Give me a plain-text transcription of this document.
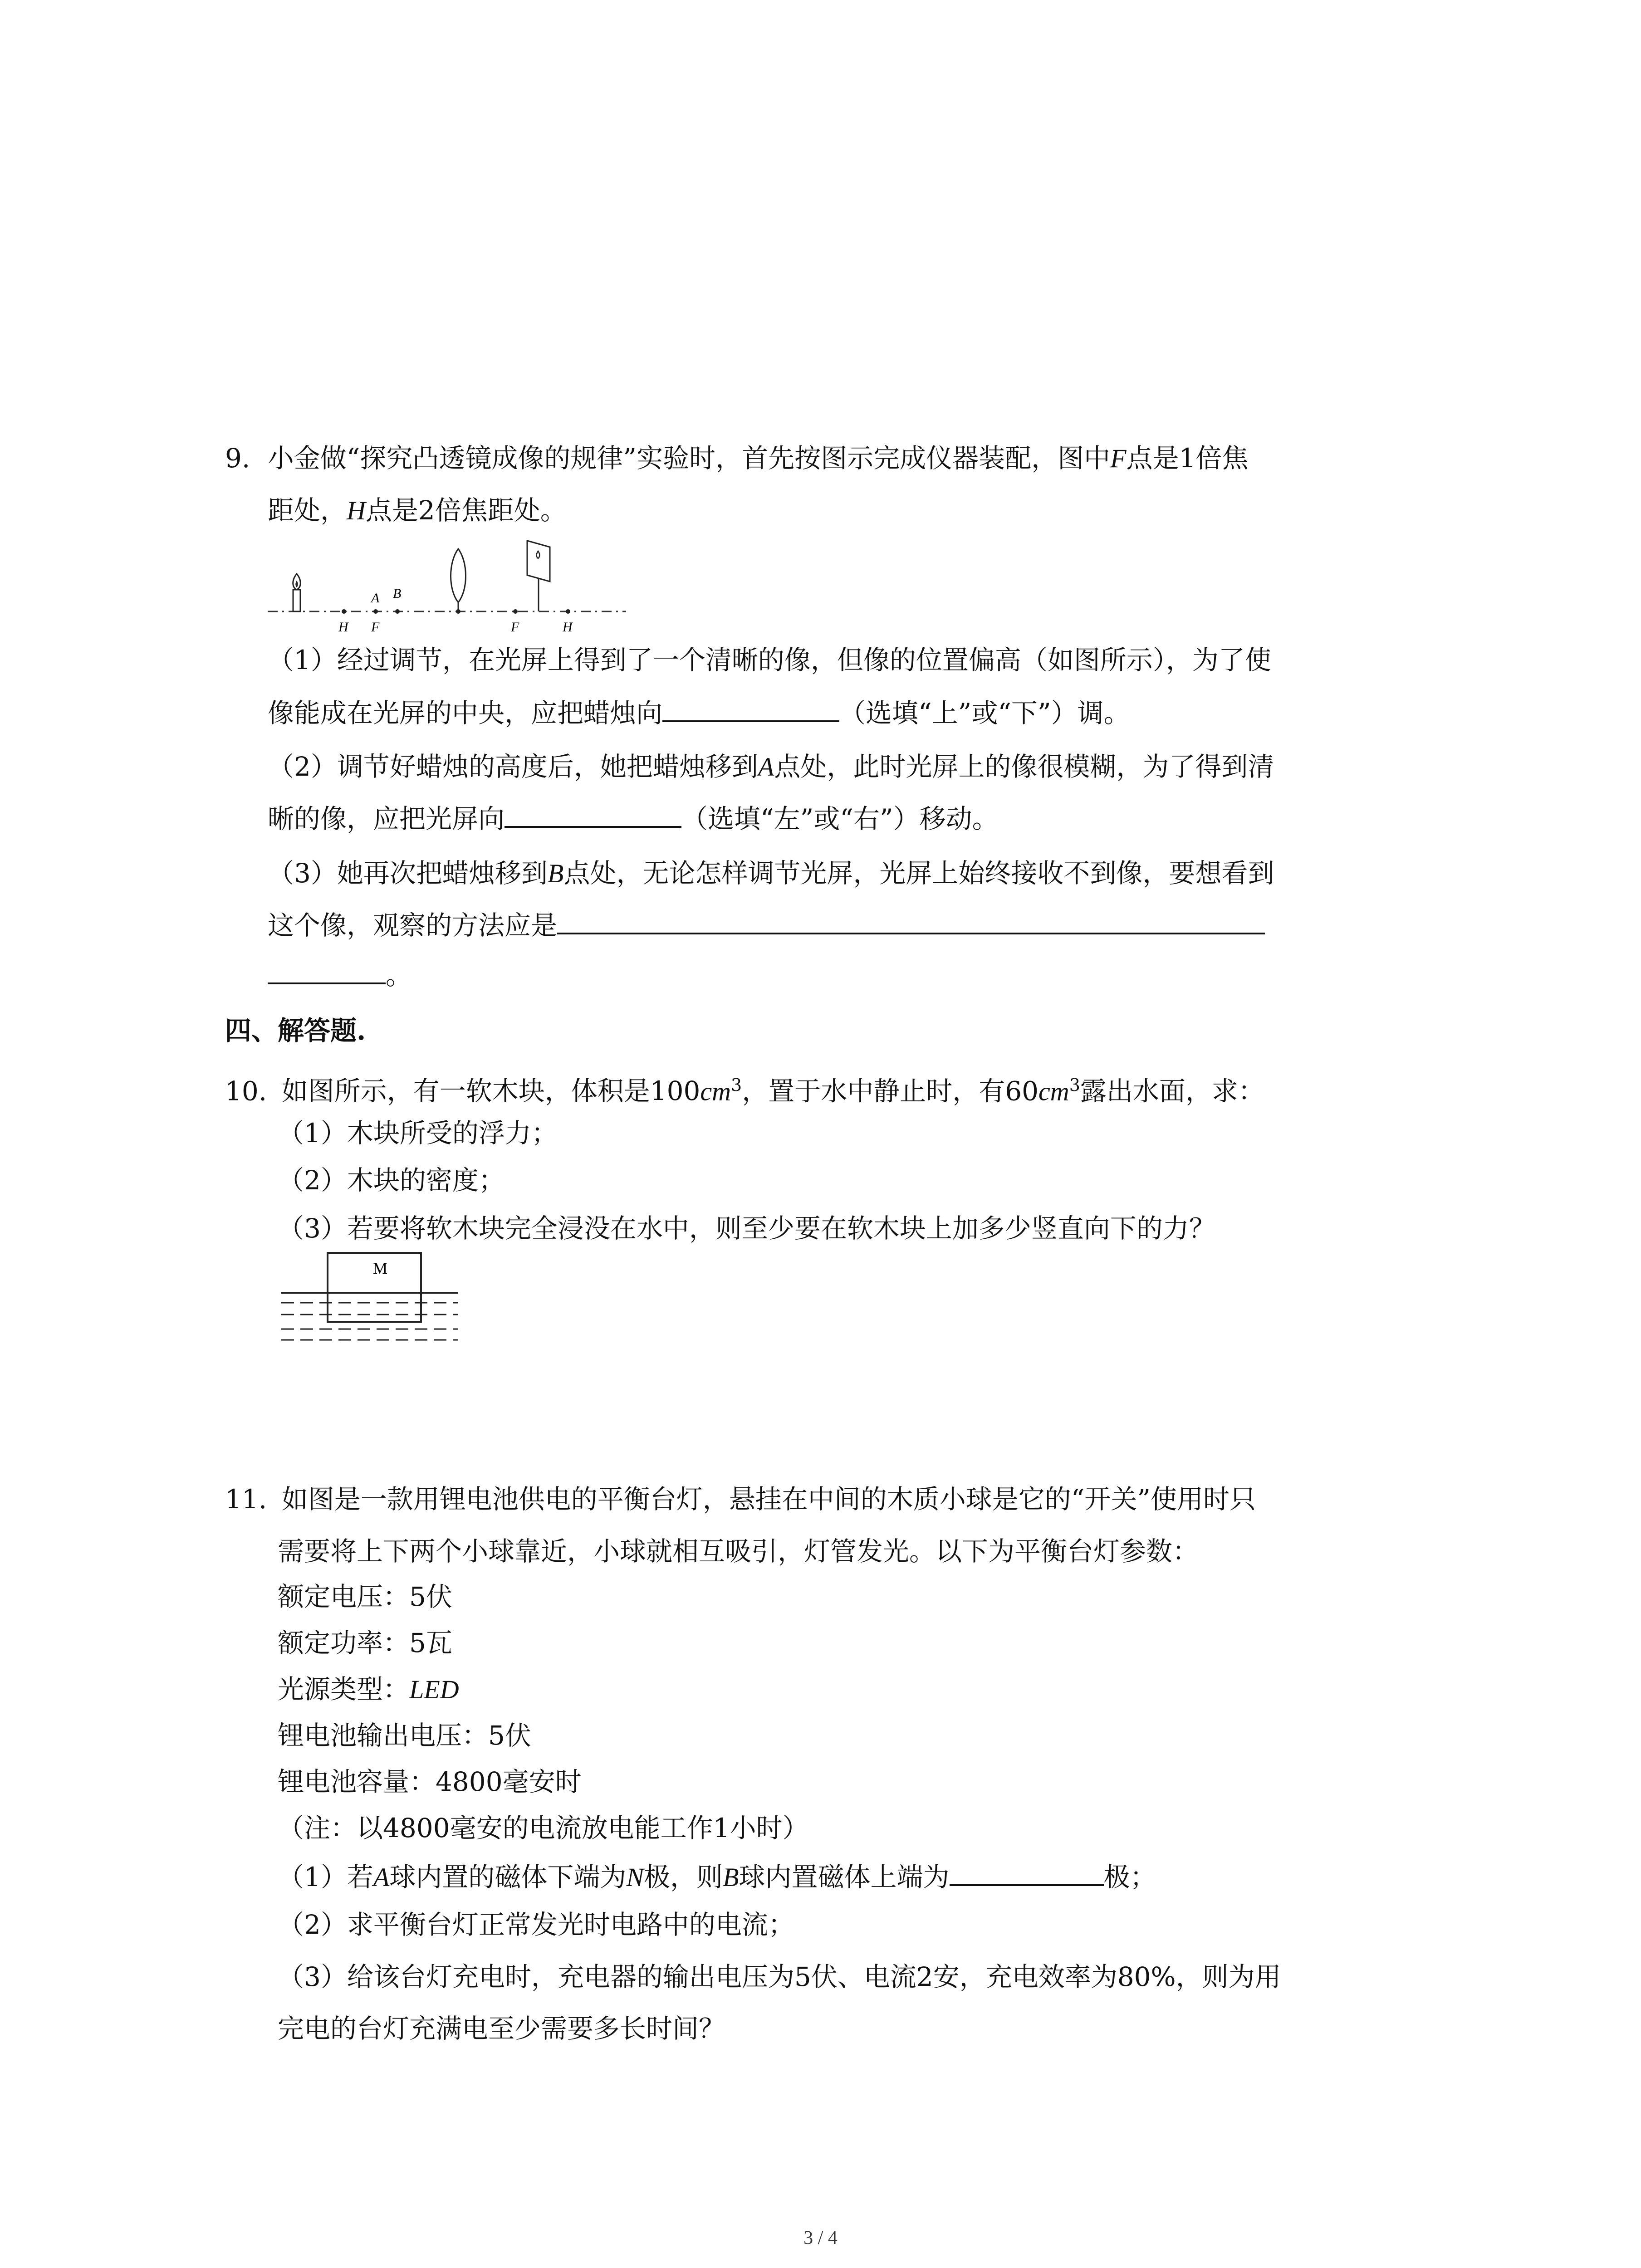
9. 小金做“探究凸透镜成像的规律”实验时，首先按图示完成仪器装配，图中F点是1倍焦
距处，H点是2倍焦距处。
A B
H F	F	H
（1）经过调节，在光屏上得到了一个清晰的像，但像的位置偏高（如图所示），为了使
像能成在光屏的中央，应把蜡烛向	（选填“上”或“下”）调。
（2）调节好蜡烛的高度后，她把蜡烛移到A点处，此时光屏上的像很模糊，为了得到清
晰的像，应把光屏向	（选填“左”或“右”）移动。
（3）她再次把蜡烛移到B点处，无论怎样调节光屏，光屏上始终接收不到像，要想看到
这个像，观察的方法应是
。
四、解答题.
10. 如图所示，有一软木块，体积是$100cm^3$，置于水中静止时，有$60cm^3$露出水面，求：
（1）木块所受的浮力；
（2）木块的密度；
（3）若要将软木块完全浸没在水中，则至少要在软木块上加多少竖直向下的力？
M
11. 如图是一款用锂电池供电的平衡台灯，悬挂在中间的木质小球是它的“开关”使用时只
需要将上下两个小球靠近，小球就相互吸引，灯管发光。以下为平衡台灯参数：
额定电压：5伏
额定功率：5瓦
光源类型：LED
锂电池输出电压：5伏
锂电池容量：4800毫安时
（注：以4800毫安的电流放电能工作1小时）
（1）若A球内置的磁体下端为N极，则B球内置磁体上端为	极；
（2）求平衡台灯正常发光时电路中的电流；
（3）给该台灯充电时，充电器的输出电压为5伏、电流2安，充电效率为80%，则为用
完电的台灯充满电至少需要多长时间？
3 / 4
